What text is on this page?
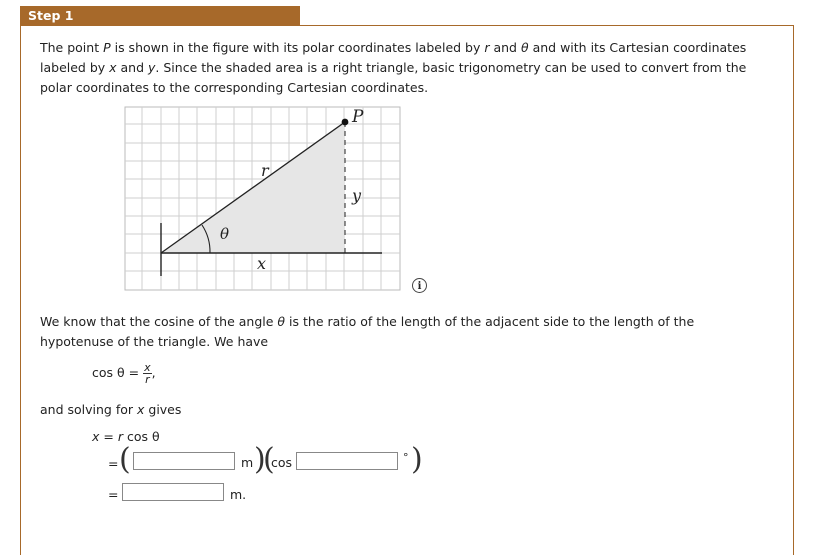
Step 1
The point P is shown in the figure with its polar coordinates labeled by r and θ and with its Cartesian coordinates labeled by x and y. Since the shaded area is a right triangle, basic trigonometry can be used to convert from the polar coordinates to the corresponding Cartesian coordinates.
P
r
y
θ
x
i
We know that the cosine of the angle θ is the ratio of the length of the adjacent side to the length of the hypotenuse of the triangle. We have
$\cos \theta = \frac{x}{r}$ ,
and solving for x gives
x = r cos θ
= (	m )
(
cos	° )
=	m.
